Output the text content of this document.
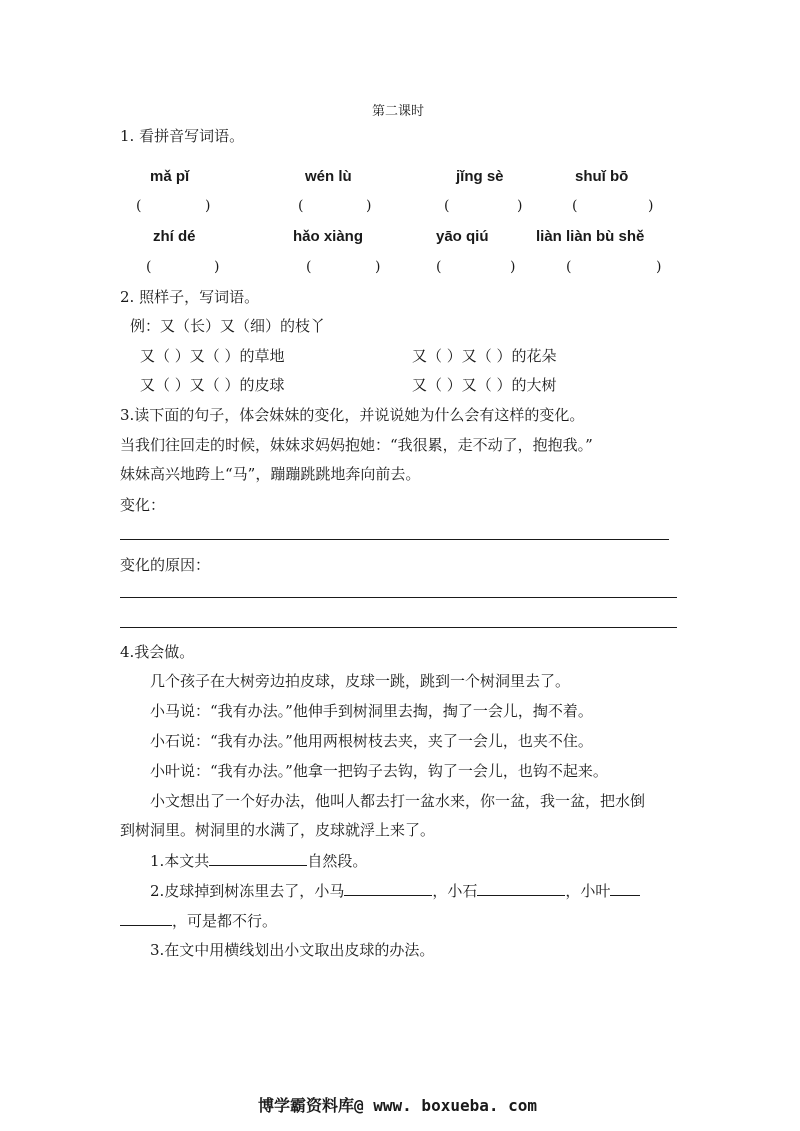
第二课时
1. 看拼音写词语。
mǎ pǐ	wén lù	jǐng sè	shuǐ bō
(	)	(	)	(	)	(	)
zhí dé	hǎo xiàng	yāo qiú	liàn liàn bù shě
(	)	(	)	(	)	(	)
2. 照样子，写词语。
例：又（长）又（细）的枝丫
又（ ）又（ ）的草地	又（ ）又（ ）的花朵
又（ ）又（ ）的皮球	又（ ）又（ ）的大树
3.读下面的句子，体会妹妹的变化，并说说她为什么会有这样的变化。
当我们往回走的时候，妹妹求妈妈抱她：“我很累，走不动了，抱抱我。”
妹妹高兴地跨上“马”，蹦蹦跳跳地奔向前去。
变化：
变化的原因：
4.我会做。
几个孩子在大树旁边拍皮球，皮球一跳，跳到一个树洞里去了。
小马说：“我有办法。”他伸手到树洞里去掏，掏了一会儿，掏不着。
小石说：“我有办法。”他用两根树枝去夹，夹了一会儿，也夹不住。
小叶说：“我有办法。”他拿一把钩子去钩，钩了一会儿，也钩不起来。
小文想出了一个好办法，他叫人都去打一盆水来，你一盆，我一盆，把水倒
到树洞里。树洞里的水满了，皮球就浮上来了。
1.本文共	自然段。
2.皮球掉到树冻里去了，小马	，小石	，小叶
，可是都不行。
3.在文中用横线划出小文取出皮球的办法。
博学霸资料库@ www. boxueba. com
